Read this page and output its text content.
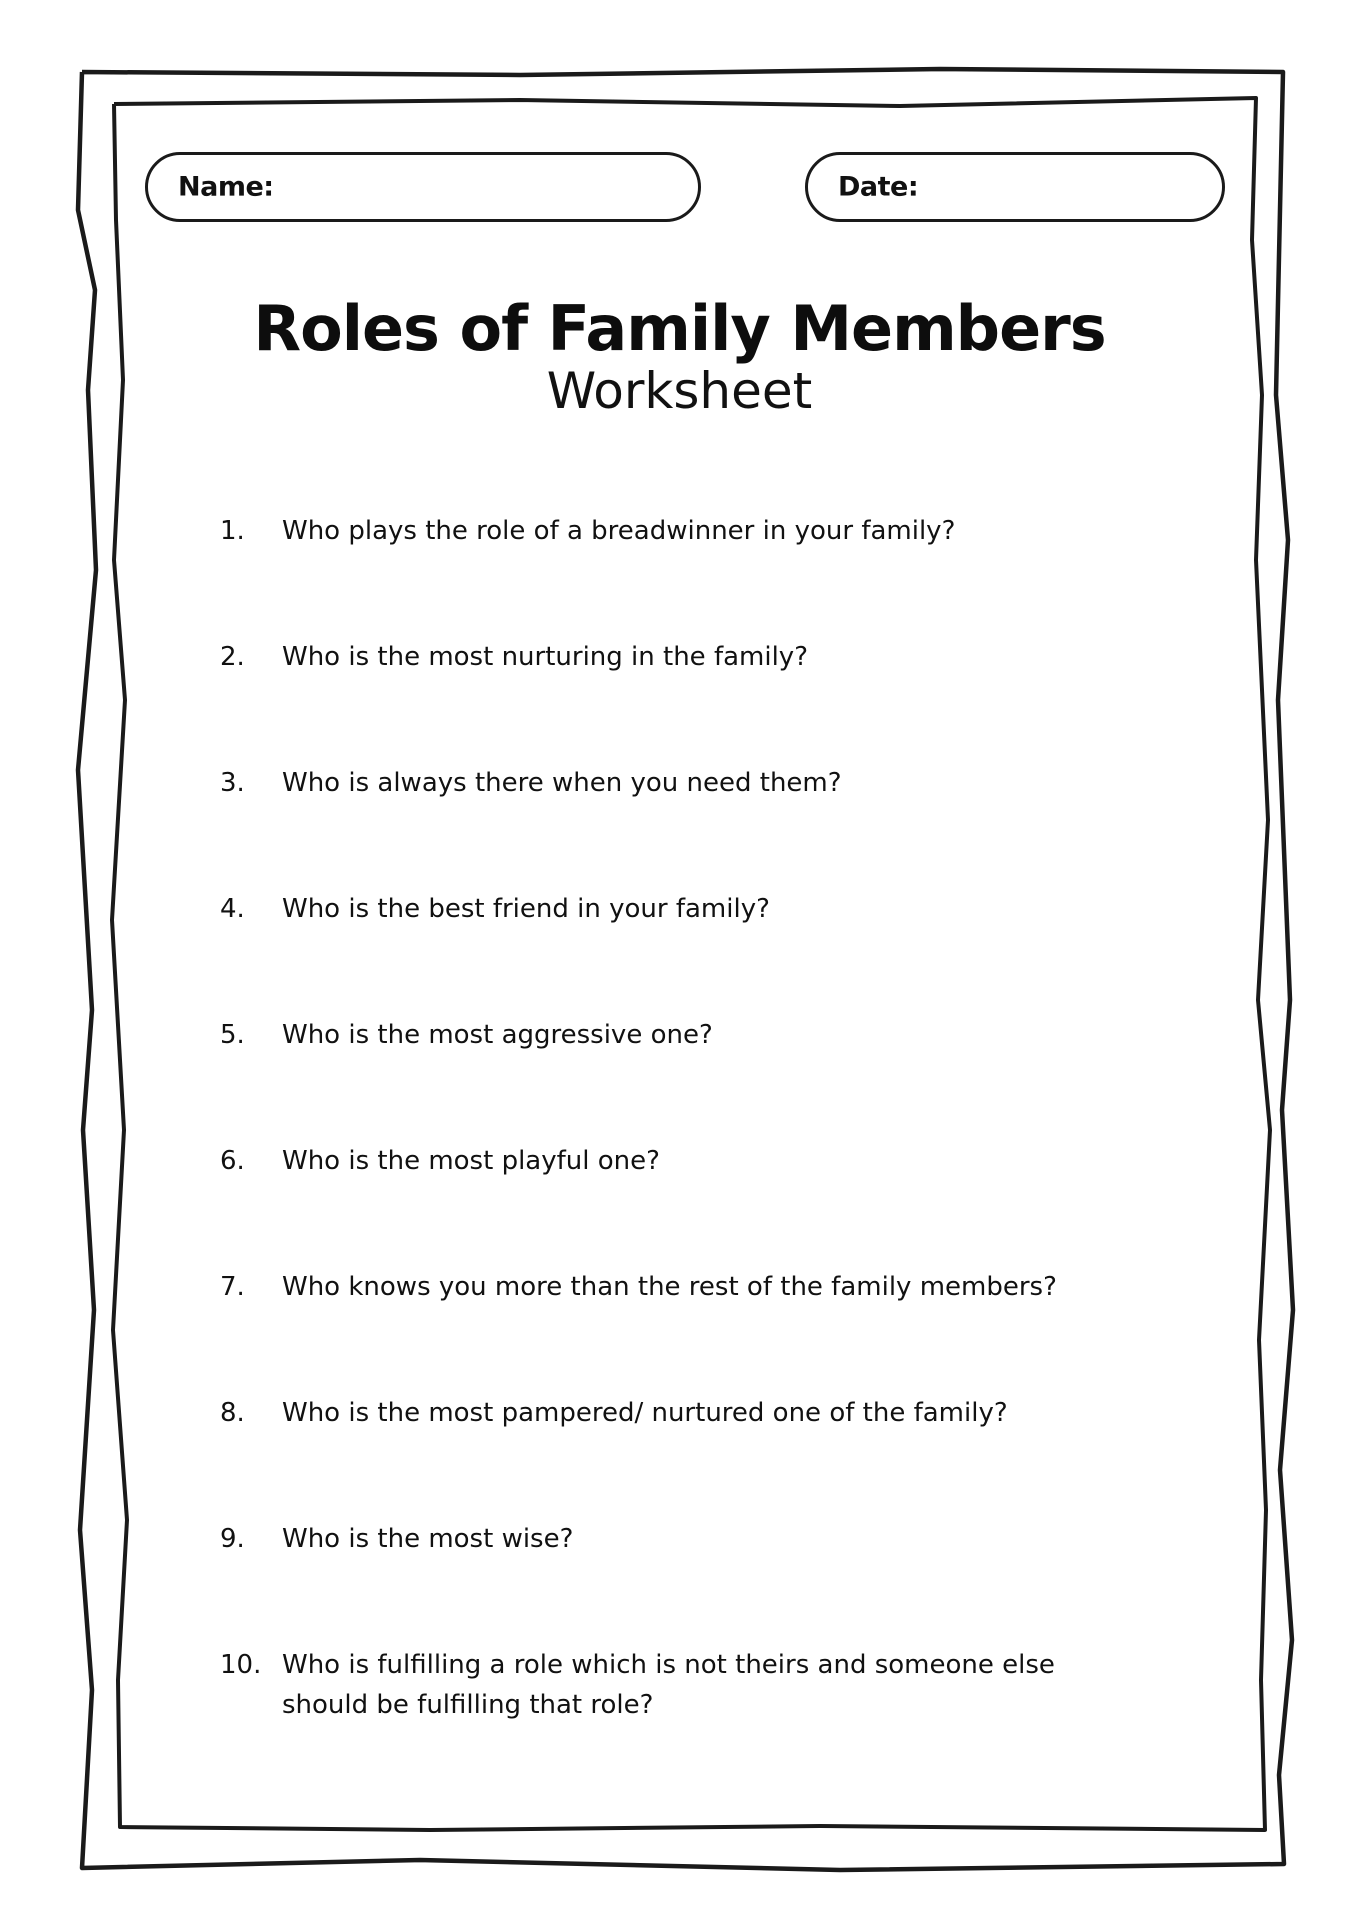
Name:	Date:
Roles of Family Members
Worksheet
1.	Who plays the role of a breadwinner in your family?
2.	Who is the most nurturing in the family?
3.	Who is always there when you need them?
4.	Who is the best friend in your family?
5.	Who is the most aggressive one?
6.	Who is the most playful one?
7.	Who knows you more than the rest of the family members?
8.	Who is the most pampered/ nurtured one of the family?
9.	Who is the most wise?
10. Who is fulfilling a role which is not theirs and someone else should be fulfilling that role?
